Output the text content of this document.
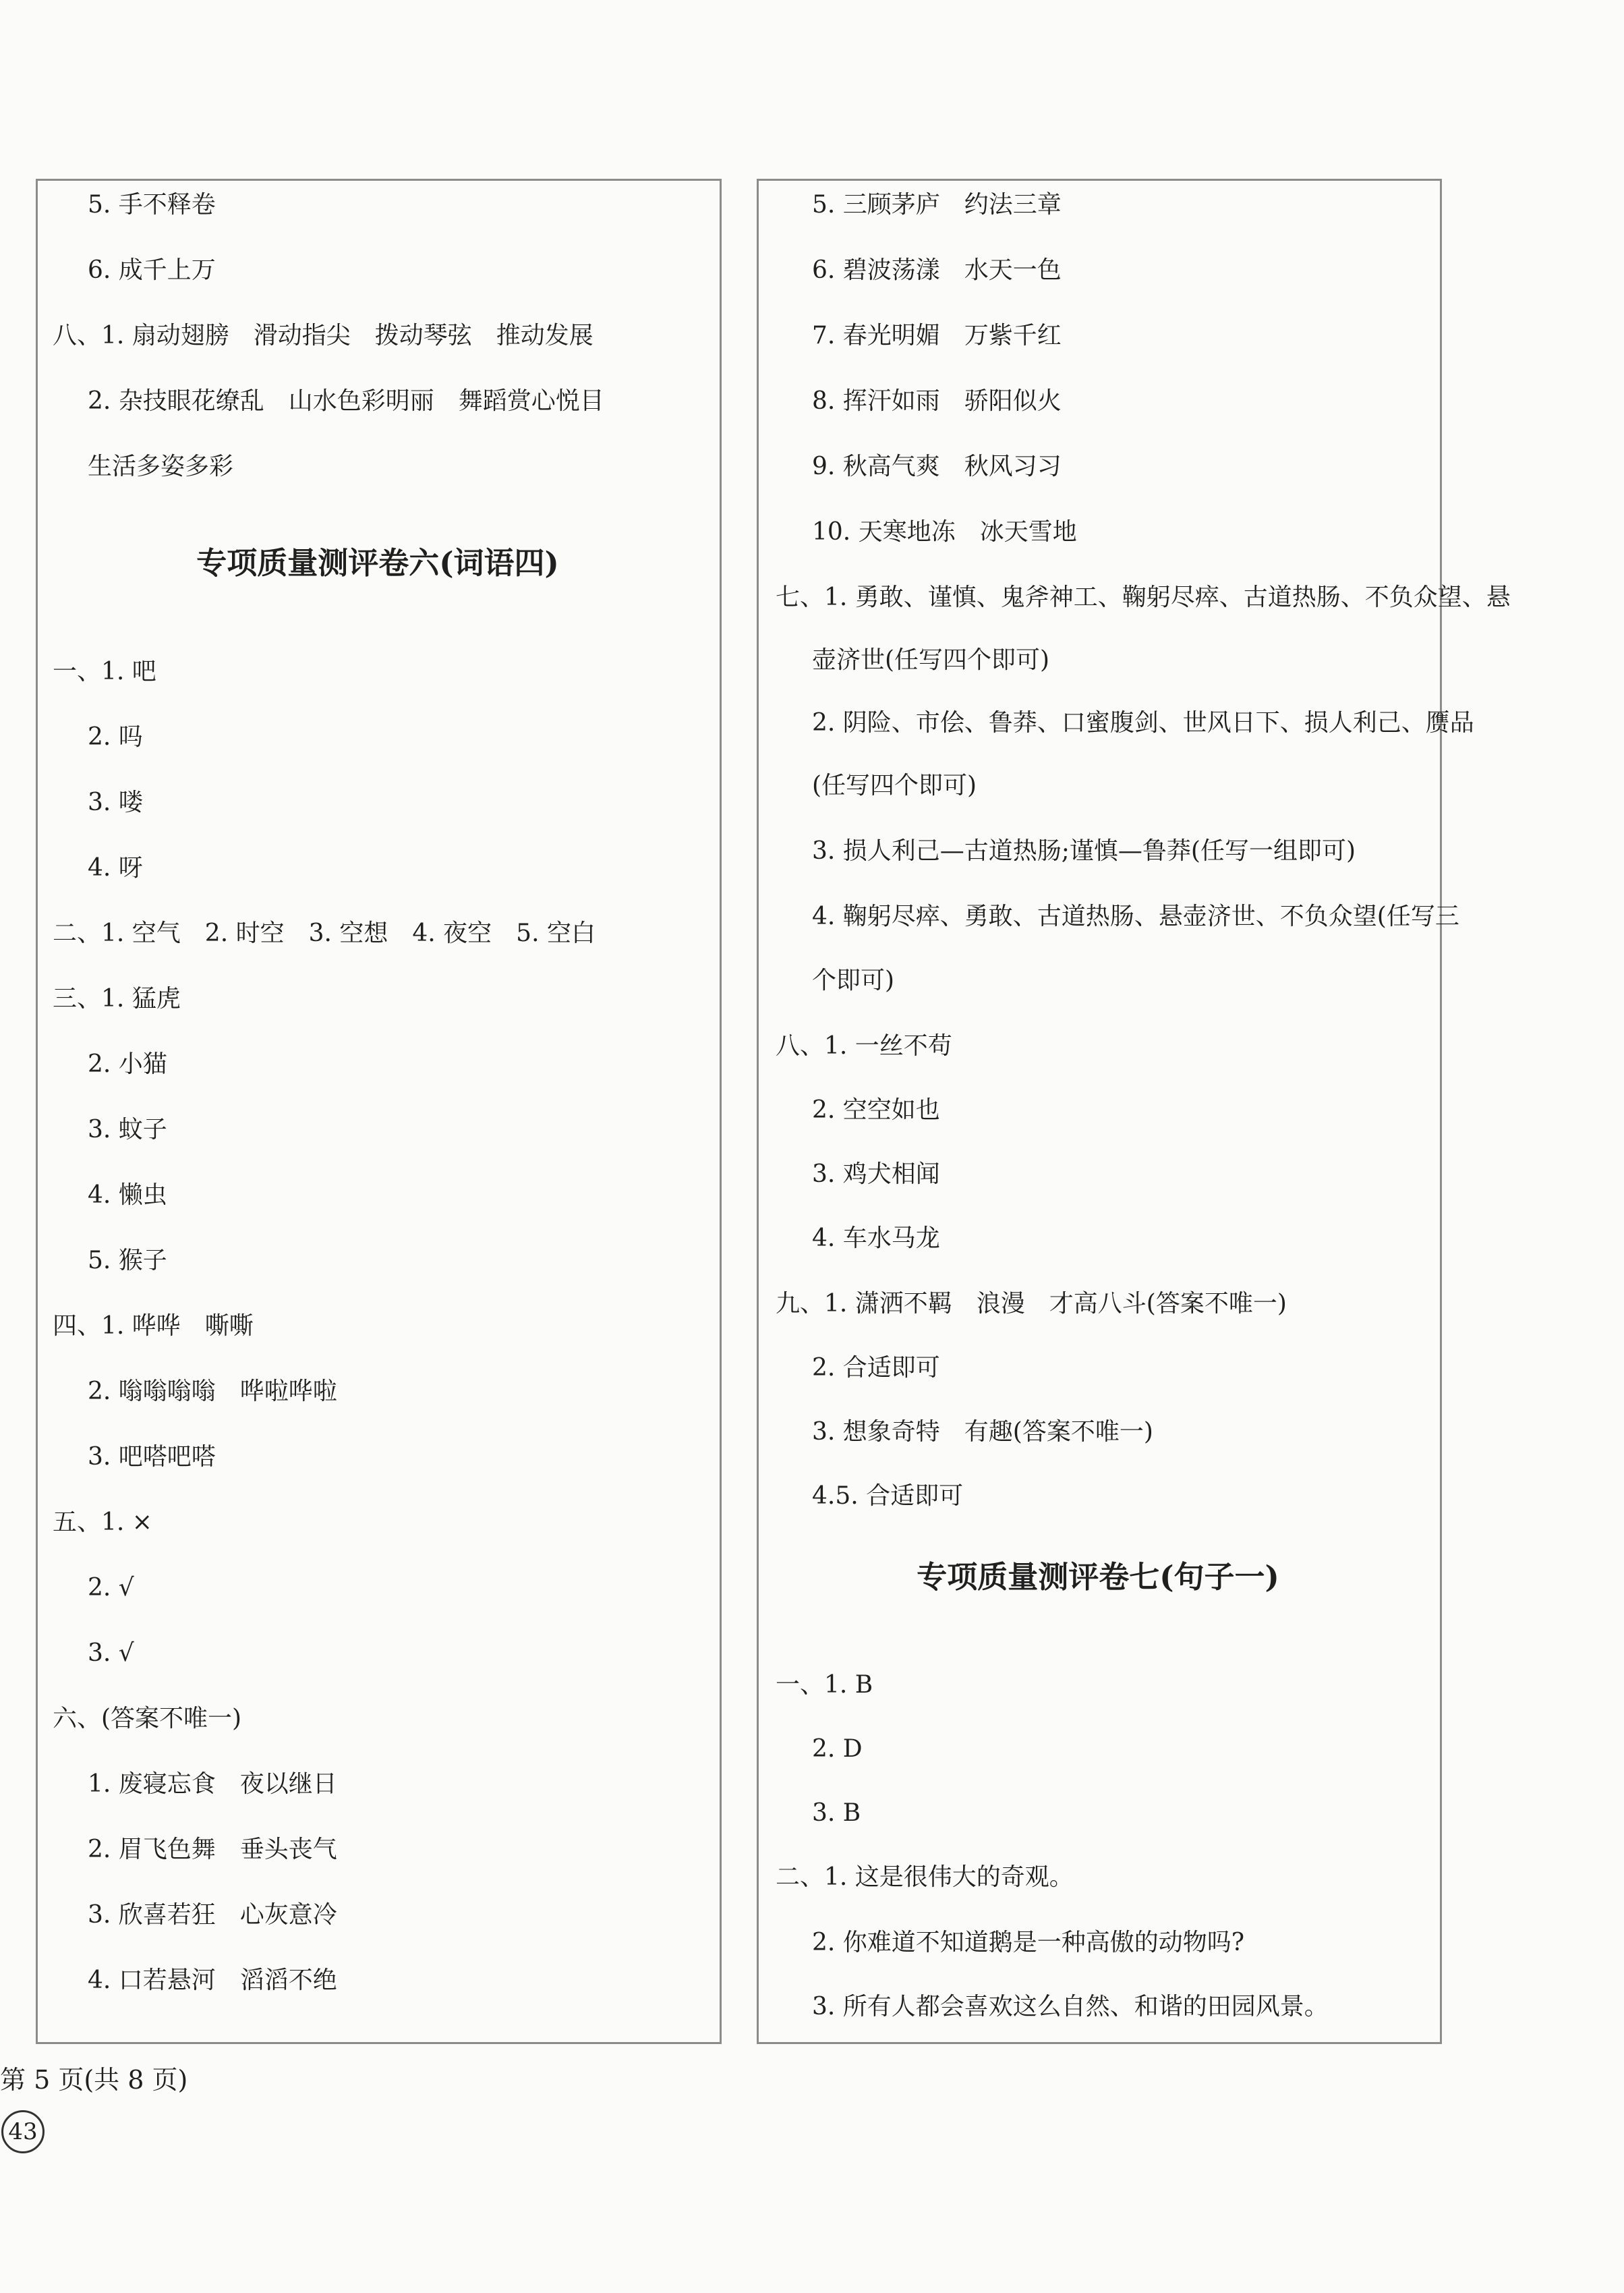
第 5 页(共 8 页)
43
5. 手不释卷
6. 成千上万
八、1. 扇动翅膀　滑动指尖　拨动琴弦　推动发展
2. 杂技眼花缭乱　山水色彩明丽　舞蹈赏心悦目
生活多姿多彩
一、1. 吧
2. 吗
3. 喽
4. 呀
二、1. 空气　2. 时空　3. 空想　4. 夜空　5. 空白
三、1. 猛虎
2. 小猫
3. 蚊子
4. 懒虫
5. 猴子
四、1. 哗哗　嘶嘶
2. 嗡嗡嗡嗡　哗啦哗啦
3. 吧嗒吧嗒
五、1. ×
2. √
3. √
六、(答案不唯一)
1. 废寝忘食　夜以继日
2. 眉飞色舞　垂头丧气
3. 欣喜若狂　心灰意冷
4. 口若悬河　滔滔不绝
专项质量测评卷六(词语四)
5. 三顾茅庐　约法三章
6. 碧波荡漾　水天一色
7. 春光明媚　万紫千红
8. 挥汗如雨　骄阳似火
9. 秋高气爽　秋风习习
10. 天寒地冻　冰天雪地
七、1. 勇敢、谨慎、鬼斧神工、鞠躬尽瘁、古道热肠、不负众望、悬
壶济世(任写四个即可)
2. 阴险、市侩、鲁莽、口蜜腹剑、世风日下、损人利己、赝品
(任写四个即可)
3. 损人利己—古道热肠;谨慎—鲁莽(任写一组即可)
4. 鞠躬尽瘁、勇敢、古道热肠、悬壶济世、不负众望(任写三
个即可)
八、1. 一丝不苟
2. 空空如也
3. 鸡犬相闻
4. 车水马龙
九、1. 潇洒不羁　浪漫　才高八斗(答案不唯一)
2. 合适即可
3. 想象奇特　有趣(答案不唯一)
4.5. 合适即可
一、1. B
2. D
3. B
二、1. 这是很伟大的奇观。
2. 你难道不知道鹅是一种高傲的动物吗?
3. 所有人都会喜欢这么自然、和谐的田园风景。
专项质量测评卷七(句子一)
